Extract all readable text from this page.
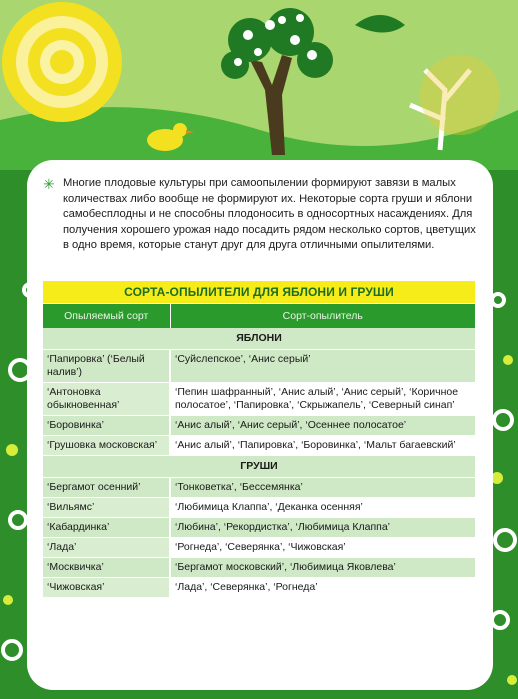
✳ Многие плодовые культуры при самоопылении формируют завязи в малых количествах либо вообще не формируют их. Некоторые сорта груши и яблони самобесплодны и не способны плодоносить в односортных насаждениях. Для получения хорошего урожая надо посадить рядом несколько сортов, цветущих в одно время, которые станут друг для друга отличными опылителями.
СОРТА-ОПЫЛИТЕЛИ ДЛЯ ЯБЛОНИ И ГРУШИ
Опыляемый сорт	Сорт-опылитель
ЯБЛОНИ	
‘Папировка’ (‘Белый налив’)	‘Суйслепское’, ‘Анис серый’
‘Антоновка обыкновенная’	‘Пепин шафранный’, ‘Анис алый’, ‘Анис серый’, ‘Коричное полосатое’, ‘Папировка’, ‘Скрыжапель’, ‘Северный синап’
‘Боровинка’	‘Анис алый’, ‘Анис серый’, ‘Осеннее полосатое’
‘Грушовка московская’	‘Анис алый’, ‘Папировка’, ‘Боровинка’, ‘Мальт багаевский’
ГРУШИ	
‘Бергамот осенний’	‘Тонковетка’, ‘Бессемянка’
‘Вильямс’	‘Любимица Клаппа’, ‘Деканка осенняя’
‘Кабардинка’	‘Любина’, ‘Рекордистка’, ‘Любимица Клаппа’
‘Лада’	‘Рогнеда’, ‘Северянка’, ‘Чижовская’
‘Москвичка’	‘Бергамот московский’, ‘Любимица Яковлева’
‘Чижовская’	‘Лада’, ‘Северянка’, ‘Рогнеда’
